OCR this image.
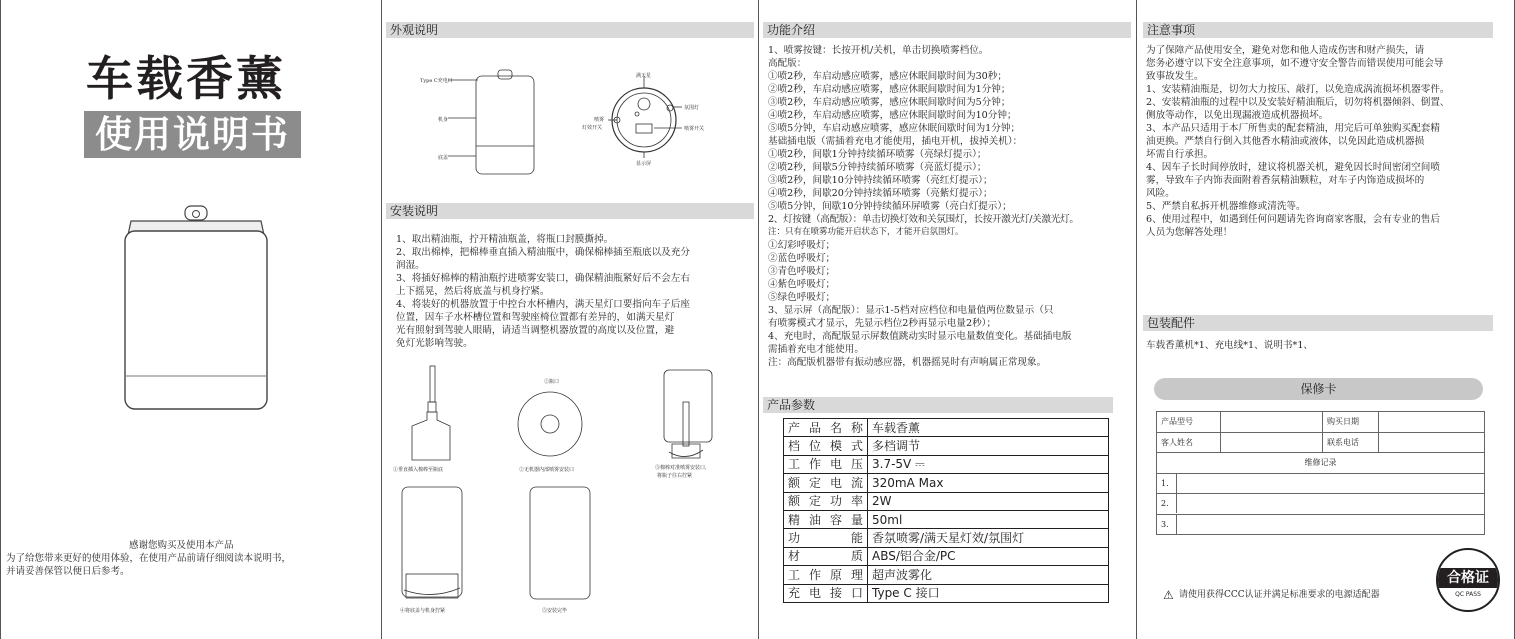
车载香薰
使用说明书
感谢您购买及使用本产品
为了给您带来更好的使用体验，在使用产品前请仔细阅读本说明书，
并请妥善保管以便日后参考。
外观说明
Type C充电口
机身
底盖
满天星
氛围灯
喷雾
灯效开关	喷雾开关
显示屏
安装说明
1、取出精油瓶，拧开精油瓶盖，将瓶口封膜撕掉。
2、取出棉棒，把棉棒垂直插入精油瓶中，确保棉棒插至瓶底以及充分
润湿。
3、将插好棉棒的精油瓶拧进喷雾安装口，确保精油瓶紧好后不会左右
上下摇晃，然后将底盖与机身拧紧。
4、将装好的机器放置于中控台水杯槽内，满天星灯口要指向车子后座
位置，因车子水杯槽位置和驾驶座椅位置都有差异的，如满天星灯
光有照射到驾驶人眼睛，请适当调整机器放置的高度以及位置，避
免灯光影响驾驶。
①垂直插入棉棒至瓶底
②瓶口
②无机器内部喷雾安装口	③棉棒对准喷雾安装口,
将瓶子往右拧紧
④将底盖与机身拧紧	⑤安装完毕
功能介绍
1、喷雾按键：长按开机/关机，单击切换喷雾档位。
高配版：
①喷2秒，车启动感应喷雾，感应休眠间歇时间为30秒；
②喷2秒，车启动感应喷雾，感应休眠间歇时间为1分钟；
③喷2秒，车启动感应喷雾，感应休眠间歇时间为5分钟；
④喷2秒，车启动感应喷雾，感应休眠间歇时间为10分钟；
⑤喷5分钟，车启动感应喷雾，感应休眠间歇时间为1分钟；
基础插电版（需插着充电才能使用，插电开机，拔掉关机）：
①喷2秒，间歇1分钟持续循环喷雾（亮绿灯提示）；
②喷2秒，间歇5分钟持续循环喷雾（亮蓝灯提示）；
③喷2秒，间歇10分钟持续循环喷雾（亮红灯提示）；
④喷2秒，间歇20分钟持续循环喷雾（亮紫灯提示）；
⑤喷5分钟，间歇10分钟持续循环屏喷雾（亮白灯提示）；
2、灯按键（高配版）：单击切换灯效和关氛围灯，长按开激光灯/关激光灯。
注：只有在喷雾功能开启状态下，才能开启氛围灯。
①幻彩呼吸灯；
②蓝色呼吸灯；
③青色呼吸灯；
④紫色呼吸灯；
⑤绿色呼吸灯；
3、显示屏（高配版）：显示1-5档对应档位和电量值两位数显示（只
有喷雾模式才显示，先显示档位2秒再显示电量2秒）；
4、充电时，高配版显示屏数值跳动实时显示电量数值变化。基础插电版
需插着充电才能使用。
注：高配版机器带有振动感应器，机器摇晃时有声响属正常现象。
产品参数
产品名称	车载香薰
档位模式	多档调节
工作电压	3.7-5V ⎓
额定电流	320mA Max
额定功率	2W
精油容量	50ml
功 能	香氛喷雾/满天星灯效/氛围灯
材 质	ABS/铝合金/PC
工作原理	超声波雾化
充电接口	Type C 接口
注意事项
为了保障产品使用安全，避免对您和他人造成伤害和财产损失，请
您务必遵守以下安全注意事项，如不遵守安全警告而错误使用可能会导
致事故发生。
1、安装精油瓶是，切勿大力按压、敲打，以免造成涡流损坏机器零件。
2、安装精油瓶的过程中以及安装好精油瓶后，切勿将机器倾斜、倒置、
侧放等动作，以免出现漏液造成机器损坏。
3、本产品只适用于本厂所售卖的配套精油，用完后可单独购买配套精
油更换。严禁自行倒入其他香水精油或液体，以免因此造成机器损
坏需自行承担。
4、因车子长时间停放时，建议将机器关机，避免因长时间密闭空间喷
雾，导致车子内饰表面附着香氛精油颗粒，对车子内饰造成损坏的
风险。
5、严禁自私拆开机器维修或清洗等。
6、使用过程中，如遇到任何问题请先咨询商家客服，会有专业的售后
人员为您解答处理！
包装配件
车载香薰机*1、充电线*1、说明书*1、
保修卡
产品型号		购买日期	
客人姓名		联系电话	
维修记录			
1.			
2.			
3.			
⚠ 请使用获得CCC认证并满足标准要求的电源适配器
合格证
QC PASS
